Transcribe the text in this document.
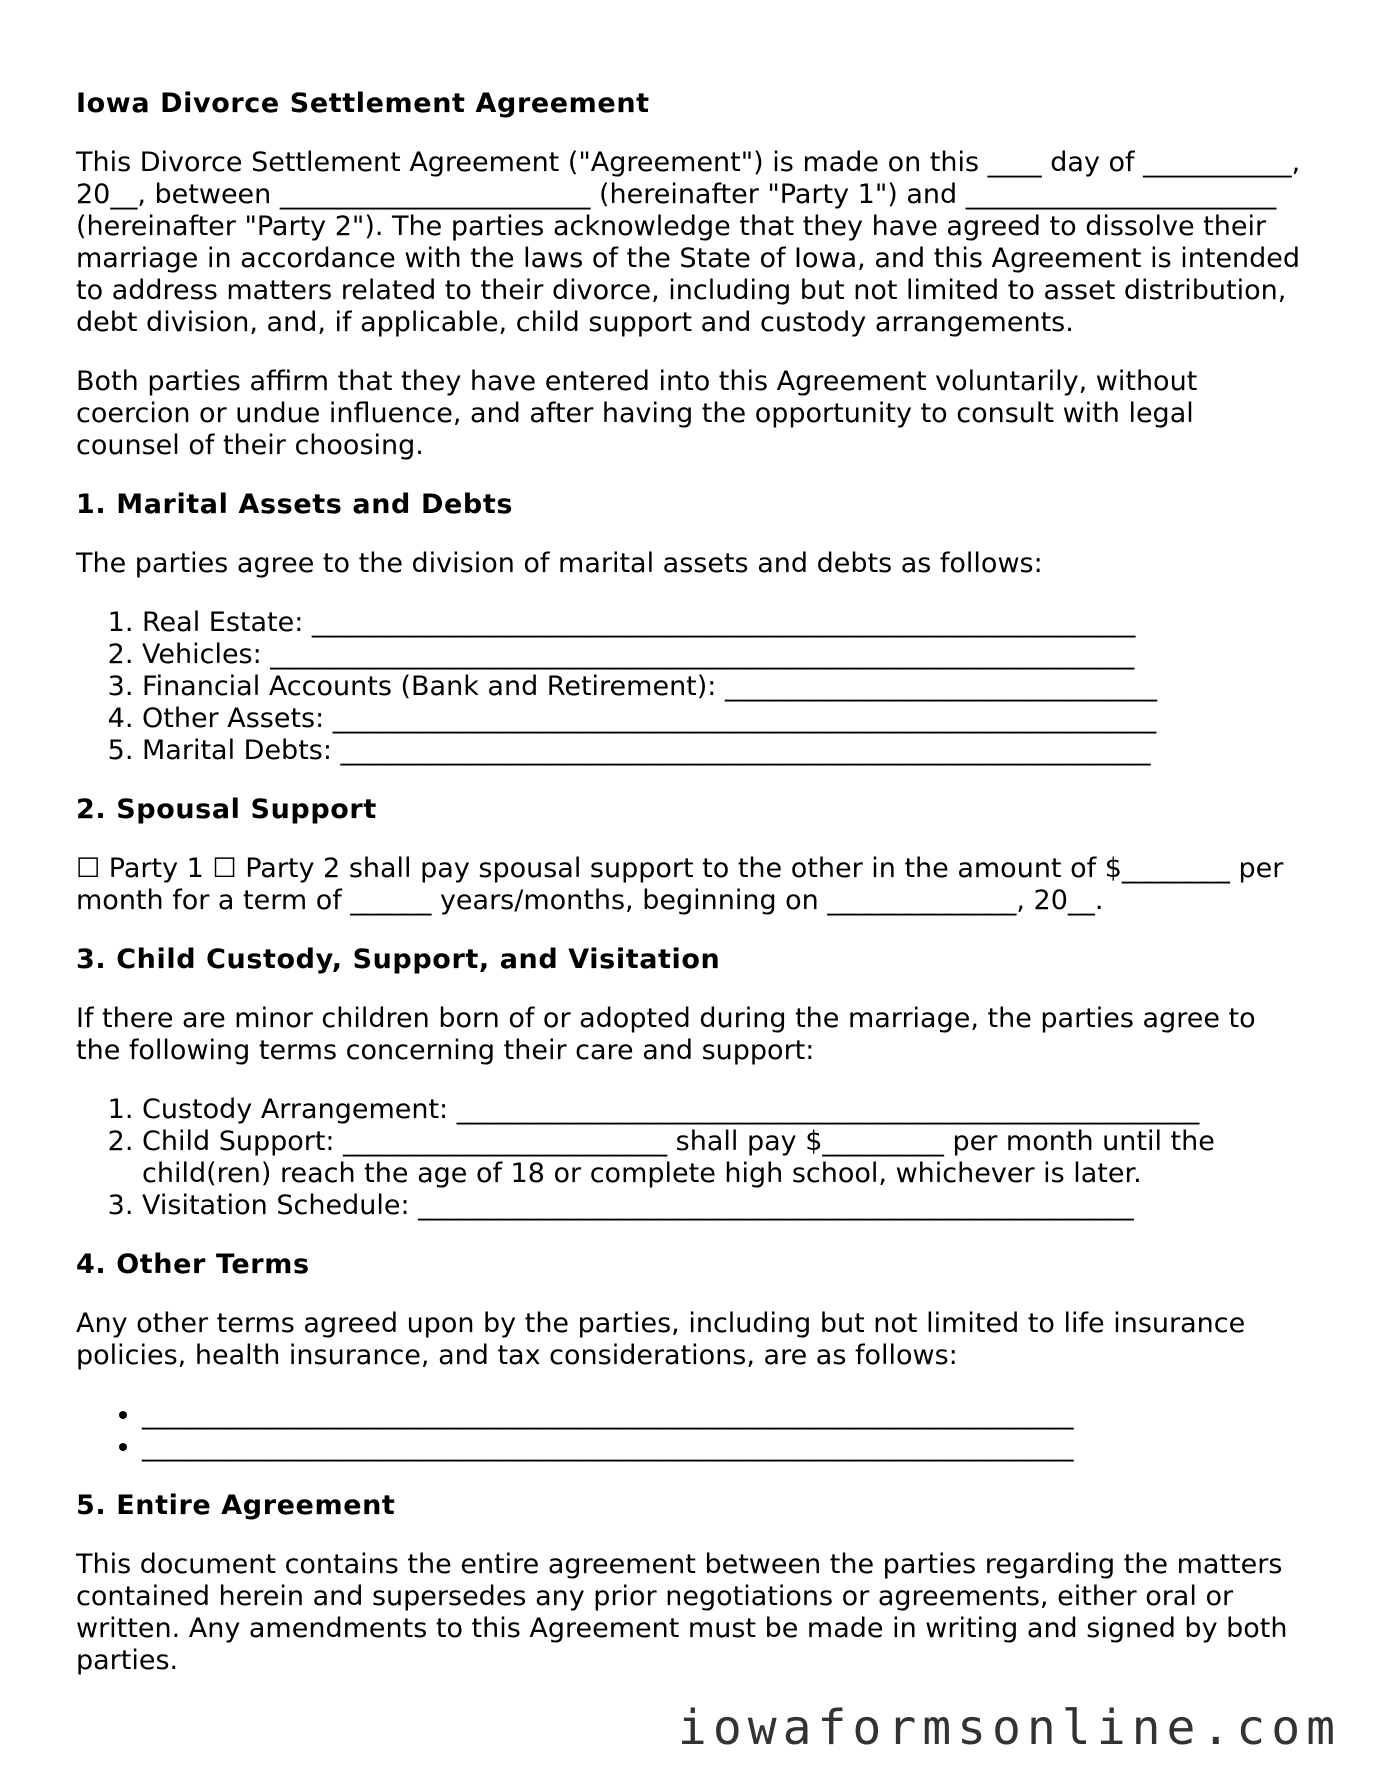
Iowa Divorce Settlement Agreement

This Divorce Settlement Agreement ("Agreement") is made on this ____ day of ___________, 20__, between _______________________ (hereinafter "Party 1") and _______________________ (hereinafter "Party 2"). The parties acknowledge that they have agreed to dissolve their marriage in accordance with the laws of the State of Iowa, and this Agreement is intended to address matters related to their divorce, including but not limited to asset distribution, debt division, and, if applicable, child support and custody arrangements.

Both parties affirm that they have entered into this Agreement voluntarily, without coercion or undue influence, and after having the opportunity to consult with legal counsel of their choosing.

1. Marital Assets and Debts

The parties agree to the division of marital assets and debts as follows:

1. Real Estate: _____________________________________________________________
2. Vehicles: ________________________________________________________________
3. Financial Accounts (Bank and Retirement): ________________________________
4. Other Assets: _____________________________________________________________
5. Marital Debts: ____________________________________________________________
2. Spousal Support

☐ Party 1 ☐ Party 2 shall pay spousal support to the other in the amount of $________ per month for a term of ______ years/months, beginning on ______________, 20__.

3. Child Custody, Support, and Visitation

If there are minor children born of or adopted during the marriage, the parties agree to the following terms concerning their care and support:

1. Custody Arrangement: _______________________________________________________
2. Child Support: ________________________ shall pay $_________ per month until the child(ren) reach the age of 18 or complete high school, whichever is later.
3. Visitation Schedule: _____________________________________________________
4. Other Terms

Any other terms agreed upon by the parties, including but not limited to life insurance policies, health insurance, and tax considerations, are as follows:

• _____________________________________________________________________
• _____________________________________________________________________
5. Entire Agreement

This document contains the entire agreement between the parties regarding the matters contained herein and supersedes any prior negotiations or agreements, either oral or written. Any amendments to this Agreement must be made in writing and signed by both parties.

iowaformsonline.com
